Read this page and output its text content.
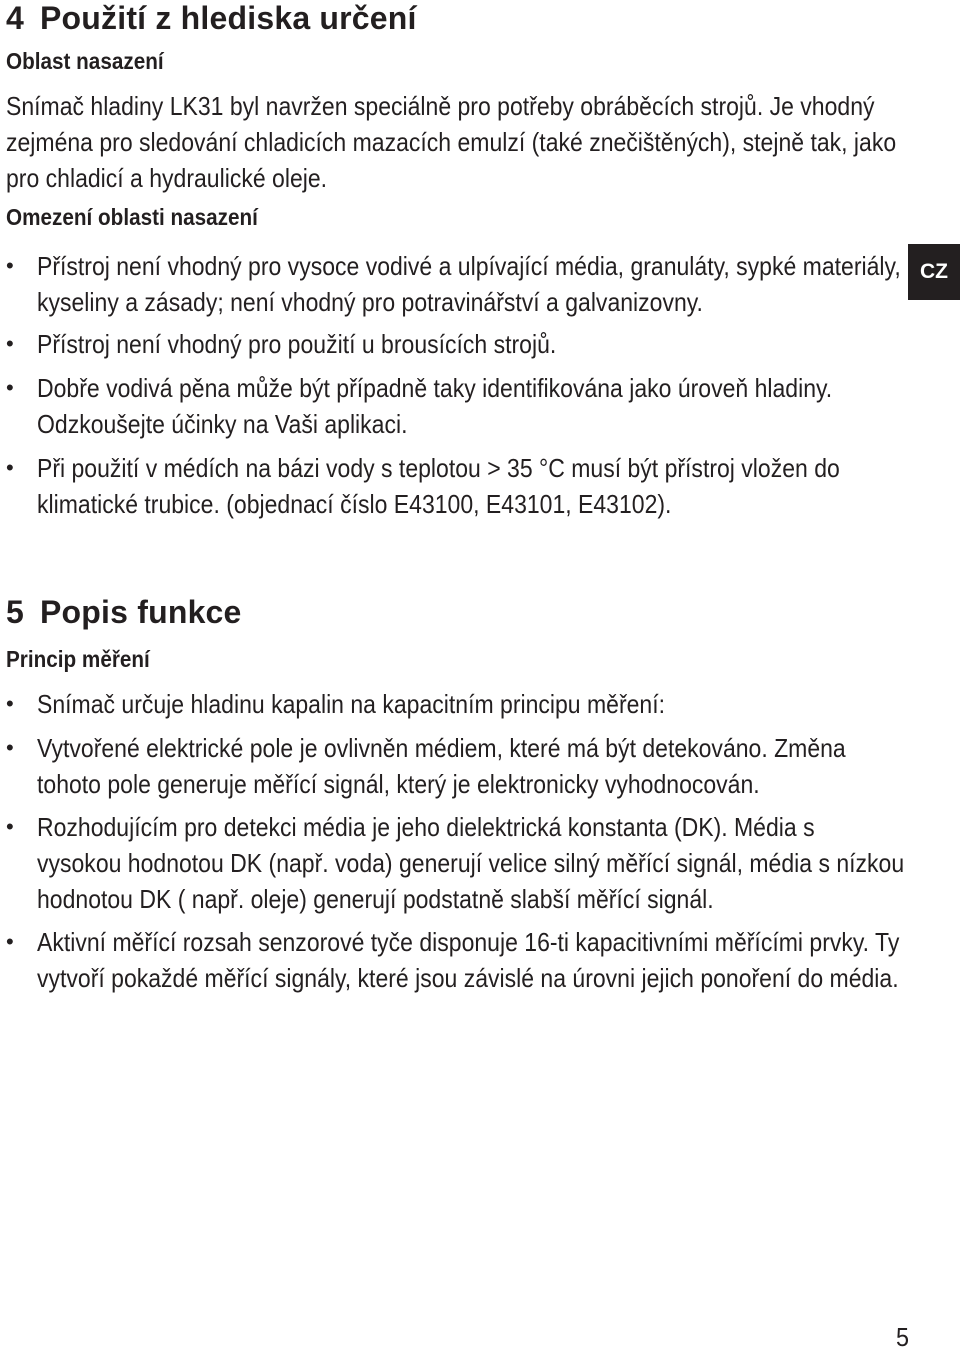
4 Použití z hlediska určení
Oblast nasazení

Snímač hladiny LK31 byl navržen speciálně pro potřeby obráběcích strojů. Je vhodný zejména pro sledování chladicích mazacích emulzí (také znečištěných), stejně tak, jako pro chladicí a hydraulické oleje.

Omezení oblasti nasazení
• Přístroj není vhodný pro vysoce vodivé a ulpívající média, granuláty, sypké materiály, kyseliny a zásady; není vhodný pro potravinářství a galvanizovny.
• Přístroj není vhodný pro použití u brousících strojů.
• Dobře vodivá pěna může být případně taky identifikována jako úroveň hladiny. Odzkoušejte účinky na Vaši aplikaci.
• Při použití v médích na bázi vody s teplotou > 35 °C musí být přístroj vložen do klimatické trubice. (objednací číslo E43100, E43101, E43102).
5 Popis funkce
Princip měření
• Snímač určuje hladinu kapalin na kapacitním principu měření:
• Vytvořené elektrické pole je ovlivněn médiem, které má být detekováno. Změna tohoto pole generuje měřící signál, který je elektronicky vyhodnocován.
• Rozhodujícím pro detekci média je jeho dielektrická konstanta (DK). Média s vysokou hodnotou DK (např. voda) generují velice silný měřící signál, média s nízkou hodnotou DK ( např. oleje) generují podstatně slabší měřící signál.
• Aktivní měřící rozsah senzorové tyče disponuje 16-ti kapacitivními měřícími prvky. Ty vytvoří pokaždé měřící signály, které jsou závislé na úrovni jejich ponoření do média.
CZ
5
